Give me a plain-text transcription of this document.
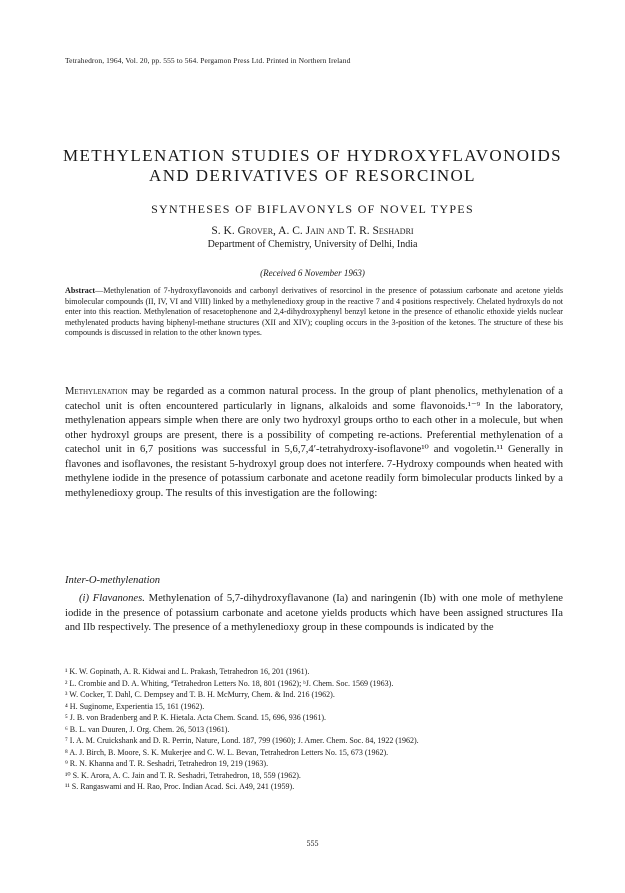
Tetrahedron, 1964, Vol. 20, pp. 555 to 564. Pergamon Press Ltd. Printed in Northern Ireland
METHYLENATION STUDIES OF HYDROXYFLAVONOIDS
AND DERIVATIVES OF RESORCINOL
SYNTHESES OF BIFLAVONYLS OF NOVEL TYPES
S. K. Grover, A. C. Jain and T. R. Seshadri
Department of Chemistry, University of Delhi, India
(Received 6 November 1963)
Abstract—Methylenation of 7-hydroxyflavonoids and carbonyl derivatives of resorcinol in the presence of potassium carbonate and acetone yields bimolecular compounds (II, IV, VI and VIII) linked by a methylenedioxy group in the reactive 7 and 4 positions respectively. Chelated hydroxyls do not enter into this reaction. Methylenation of resacetophenone and 2,4-dihydroxyphenyl benzyl ketone in the presence of ethanolic ethoxide yields nuclear methylenated products having biphenyl-methane structures (XII and XIV); coupling occurs in the 3-position of the ketones. The structure of these bis compounds is discussed in relation to the other known types.

Methylenation may be regarded as a common natural process. In the group of plant phenolics, methylenation of a catechol unit is often encountered particularly in lignans, alkaloids and some flavonoids.¹⁻⁹ In the laboratory, methylenation appears simple when there are only two hydroxyl groups ortho to each other in a molecule, but when other hydroxyl groups are present, there is a possibility of competing re-actions. Preferential methylenation of a catechol unit in 6,7 positions was successful in 5,6,7,4′-tetrahydroxy-isoflavone¹⁰ and vogoletin.¹¹ Generally in flavones and isoflavones, the resistant 5-hydroxyl group does not interfere. 7-Hydroxy compounds when heated with methylene iodide in the presence of potassium carbonate and acetone readily form bimolecular products linked by a methylenedioxy group. The results of this investigation are the following:

Inter-O-methylenation

(i) Flavanones. Methylenation of 5,7-dihydroxyflavanone (Ia) and naringenin (Ib) with one mole of methylene iodide in the presence of potassium carbonate and acetone yields products which have been assigned structures IIa and IIb respectively. The presence of a methylenedioxy group in these compounds is indicated by the

¹ K. W. Gopinath, A. R. Kidwai and L. Prakash, Tetrahedron 16, 201 (1961).
² L. Crombie and D. A. Whiting, ªTetrahedron Letters No. 18, 801 (1962); ᵇJ. Chem. Soc. 1569 (1963).
³ W. Cocker, T. Dahl, C. Dempsey and T. B. H. McMurry, Chem. & Ind. 216 (1962).
⁴ H. Suginome, Experientia 15, 161 (1962).
⁵ J. B. von Bradenberg and P. K. Hietala. Acta Chem. Scand. 15, 696, 936 (1961).
⁶ B. L. van Duuren, J. Org. Chem. 26, 5013 (1961).
⁷ I. A. M. Cruickshank and D. R. Perrin, Nature, Lond. 187, 799 (1960); J. Amer. Chem. Soc. 84, 1922 (1962).
⁸ A. J. Birch, B. Moore, S. K. Mukerjee and C. W. L. Bevan, Tetrahedron Letters No. 15, 673 (1962).
⁹ R. N. Khanna and T. R. Seshadri, Tetrahedron 19, 219 (1963).
¹⁰ S. K. Arora, A. C. Jain and T. R. Seshadri, Tetrahedron, 18, 559 (1962).
¹¹ S. Rangaswami and H. Rao, Proc. Indian Acad. Sci. A49, 241 (1959).
555
